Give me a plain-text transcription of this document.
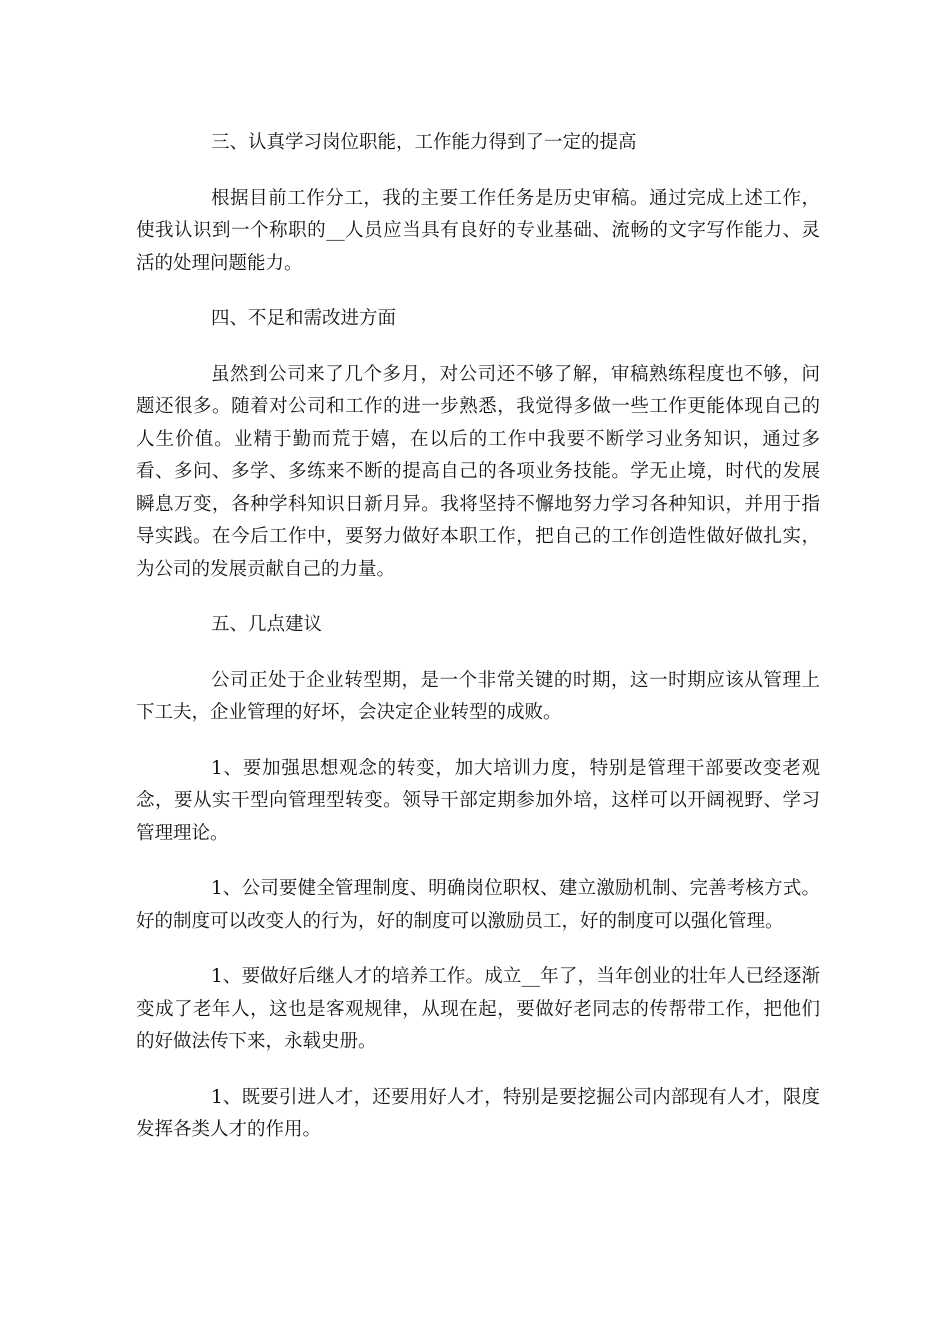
三、认真学习岗位职能，工作能力得到了一定的提高

根据目前工作分工，我的主要工作任务是历史审稿。通过完成上述工作，使我认识到一个称职的__人员应当具有良好的专业基础、流畅的文字写作能力、灵活的处理问题能力。

四、不足和需改进方面

虽然到公司来了几个多月，对公司还不够了解，审稿熟练程度也不够，问题还很多。随着对公司和工作的进一步熟悉，我觉得多做一些工作更能体现自己的人生价值。业精于勤而荒于嬉，在以后的工作中我要不断学习业务知识，通过多看、多问、多学、多练来不断的提高自己的各项业务技能。学无止境，时代的发展瞬息万变，各种学科知识日新月异。我将坚持不懈地努力学习各种知识，并用于指导实践。在今后工作中，要努力做好本职工作，把自己的工作创造性做好做扎实，为公司的发展贡献自己的力量。

五、几点建议

公司正处于企业转型期，是一个非常关键的时期，这一时期应该从管理上下工夫，企业管理的好坏，会决定企业转型的成败。

1、要加强思想观念的转变，加大培训力度，特别是管理干部要改变老观念，要从实干型向管理型转变。领导干部定期参加外培，这样可以开阔视野、学习管理理论。

1、公司要健全管理制度、明确岗位职权、建立激励机制、完善考核方式。好的制度可以改变人的行为，好的制度可以激励员工，好的制度可以强化管理。

1、要做好后继人才的培养工作。成立__年了，当年创业的壮年人已经逐渐变成了老年人，这也是客观规律，从现在起，要做好老同志的传帮带工作，把他们的好做法传下来，永载史册。

1、既要引进人才，还要用好人才，特别是要挖掘公司内部现有人才，限度发挥各类人才的作用。
